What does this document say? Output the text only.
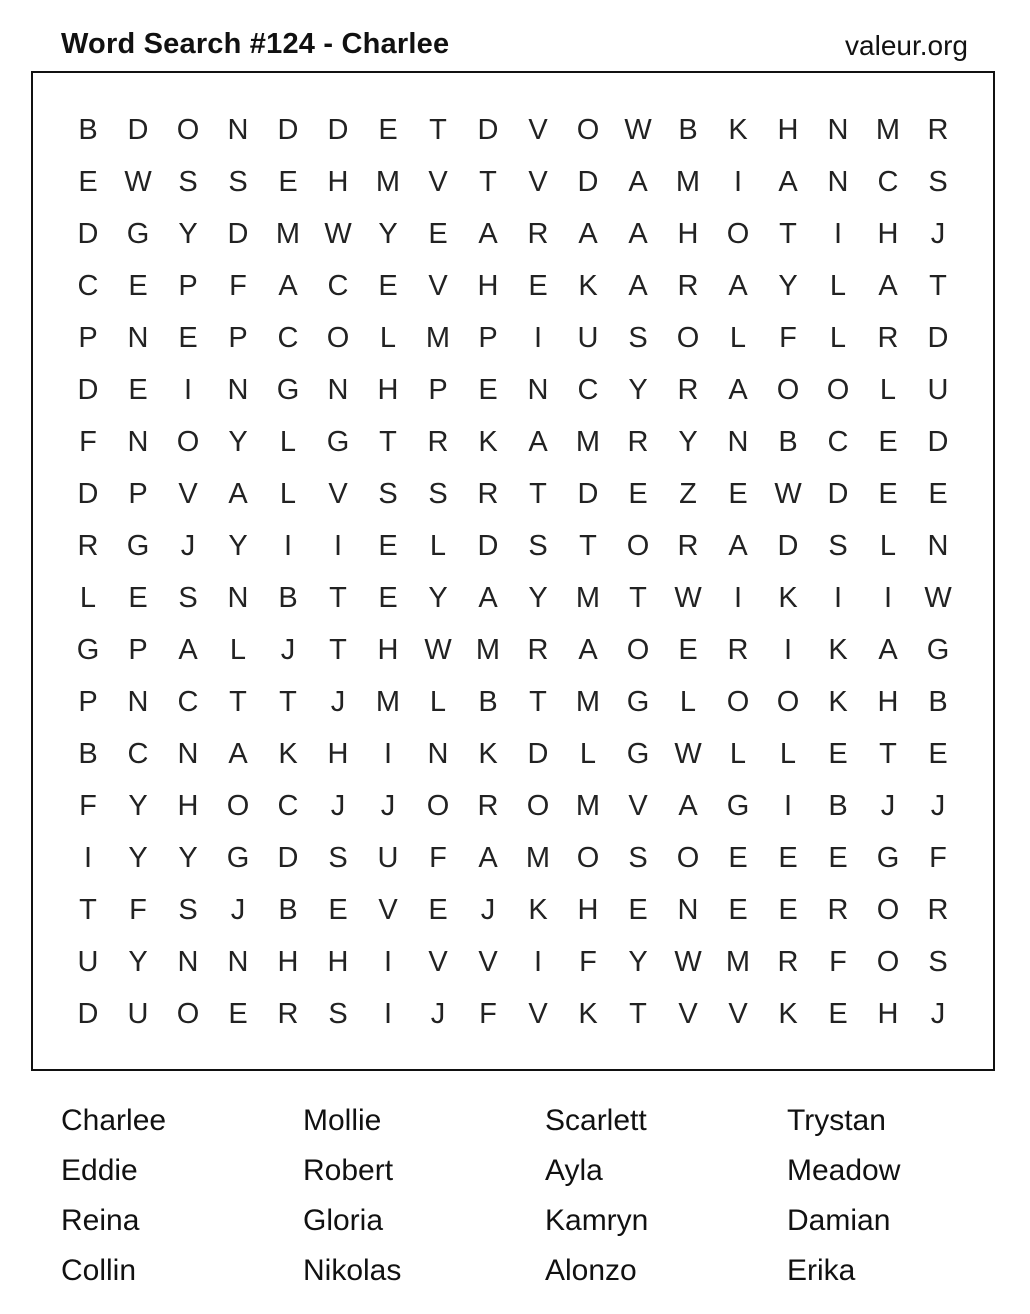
Word Search #124 - Charlee	valeur.org
B	D O N	D	D	E	T	D	V	O W B	K	H	N M R
E W S	S	E	H M V	T	V	D	A M	I	A	N	C	S
D G	Y	D M W Y	E	A	R	A	A	H O	T	I	H	J
C	E	P	F	A	C	E	V	H	E	K	A	R	A	Y	L	A	T
P	N	E	P	C O	L	M P	I	U	S	O	L	F	L	R	D
D	E	I	N G N	H	P	E	N	C	Y	R	A	O O	L	U
F	N O	Y	L	G	T	R	K	A M R	Y	N	B	C	E	D
D	P	V	A	L	V	S	S	R	T	D	E	Z	E W D	E	E
R G	J	Y	I	I	E	L	D	S	T	O R	A	D	S	L	N
L	E	S	N	B	T	E	Y	A	Y M	T W	I	K	I	I	W
G	P	A	L	J	T	H W M R	A	O	E	R	I	K	A	G
P	N	C	T	T	J	M	L	B	T	M G	L	O O	K	H	B
B	C	N	A	K	H	I	N	K	D	L	G W L	L	E	T	E
F	Y	H O C	J	J	O R O M V	A	G	I	B	J	J
I	Y	Y	G D	S	U	F	A M O	S	O	E	E	E	G	F
T	F	S	J	B	E	V	E	J	K	H	E	N	E	E	R O R
U	Y	N	N	H	H	I	V	V	I	F	Y W M R	F	O	S
D	U O	E	R	S	I	J	F	V	K	T	V	V	K	E	H	J
Charlee	Mollie	Scarlett	Trystan
Eddie	Robert	Ayla	Meadow
Reina	Gloria	Kamryn	Damian
Collin	Nikolas	Alonzo	Erika
